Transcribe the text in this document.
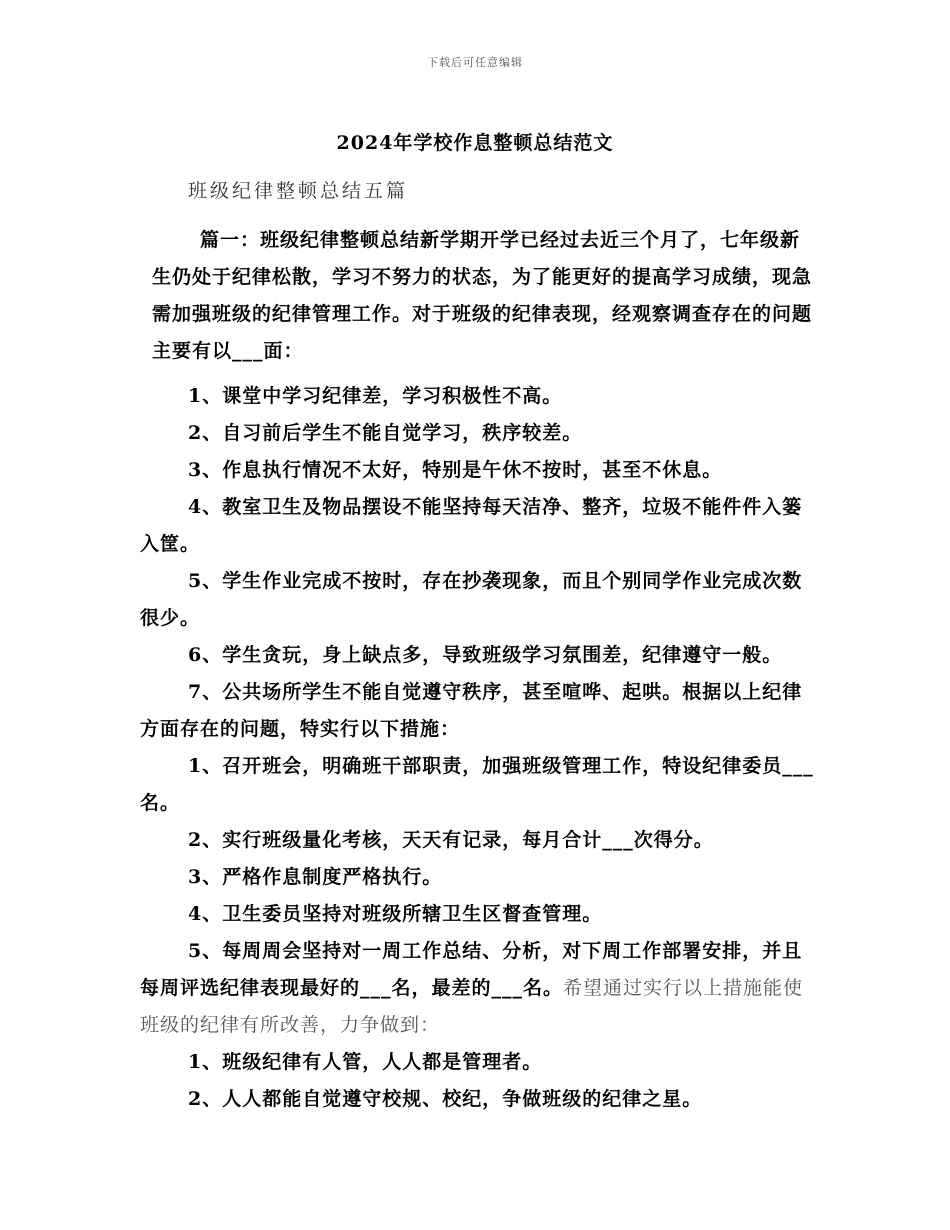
下载后可任意编辑
2024年学校作息整顿总结范文
班级纪律整顿总结五篇

篇一：班级纪律整顿总结新学期开学已经过去近三个月了，七年级新生仍处于纪律松散，学习不努力的状态，为了能更好的提高学习成绩，现急需加强班级的纪律管理工作。对于班级的纪律表现，经观察调查存在的问题主要有以___面：

1、课堂中学习纪律差，学习积极性不高。

2、自习前后学生不能自觉学习，秩序较差。

3、作息执行情况不太好，特别是午休不按时，甚至不休息。

4、教室卫生及物品摆设不能坚持每天洁净、整齐，垃圾不能件件入篓入筐。

5、学生作业完成不按时，存在抄袭现象，而且个别同学作业完成次数很少。

6、学生贪玩，身上缺点多，导致班级学习氛围差，纪律遵守一般。

7、公共场所学生不能自觉遵守秩序，甚至喧哗、起哄。根据以上纪律方面存在的问题，特实行以下措施：

1、召开班会，明确班干部职责，加强班级管理工作，特设纪律委员___名。

2、实行班级量化考核，天天有记录，每月合计___次得分。

3、严格作息制度严格执行。

4、卫生委员坚持对班级所辖卫生区督查管理。

5、每周周会坚持对一周工作总结、分析，对下周工作部署安排，并且每周评选纪律表现最好的___名，最差的___名。希望通过实行以上措施能使班级的纪律有所改善，力争做到：

1、班级纪律有人管，人人都是管理者。

2、人人都能自觉遵守校规、校纪，争做班级的纪律之星。
